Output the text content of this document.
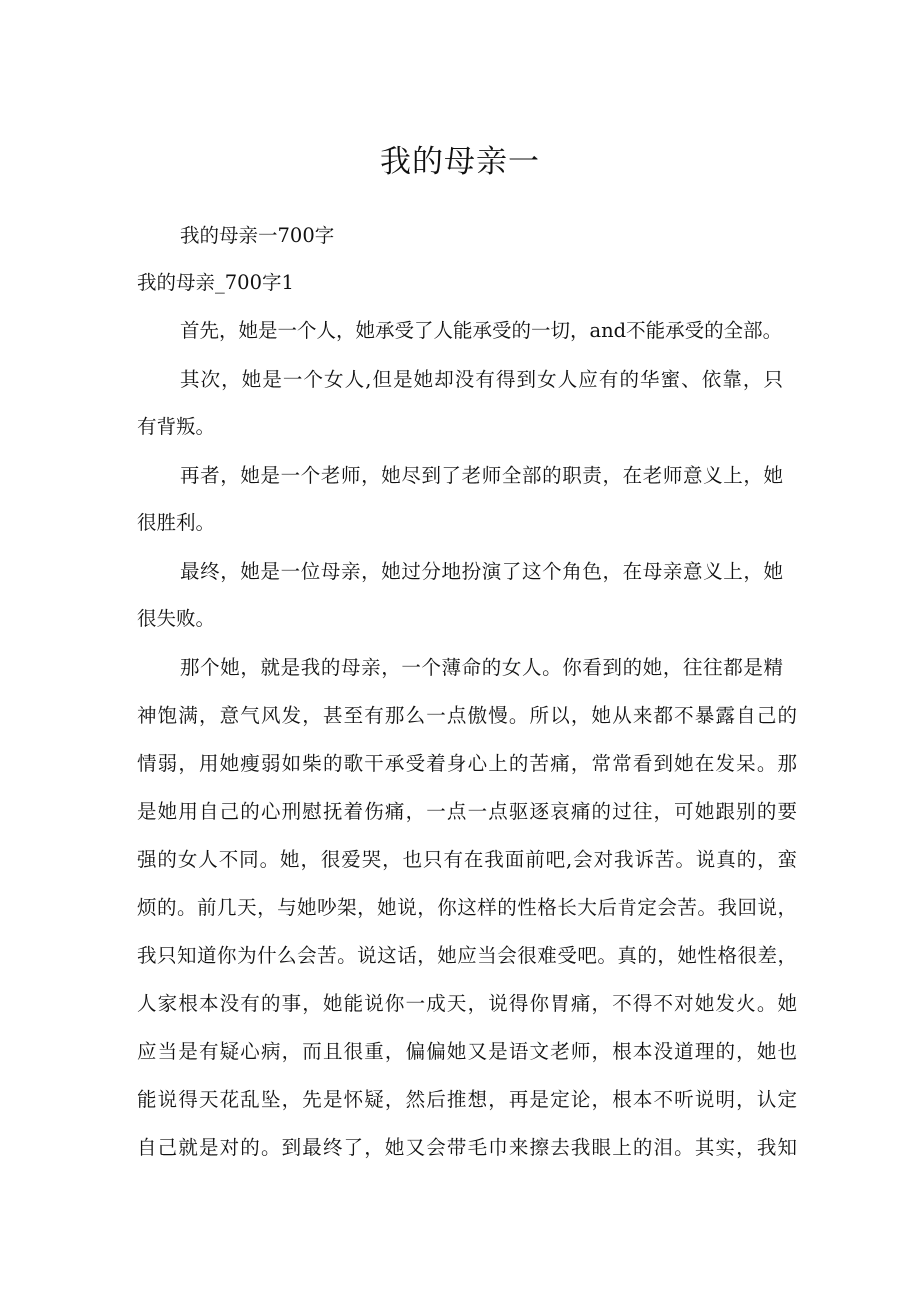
我的母亲一

我的母亲一700字

我的母亲_700字1

首先，她是一个人，她承受了人能承受的一切，and不能承受的全部。

其次，她是一个女人,但是她却没有得到女人应有的华蜜、依靠，只

有背叛。

再者，她是一个老师，她尽到了老师全部的职责，在老师意义上，她

很胜利。

最终，她是一位母亲，她过分地扮演了这个角色，在母亲意义上，她

很失败。

那个她，就是我的母亲，一个薄命的女人。你看到的她，往往都是精

神饱满，意气风发，甚至有那么一点傲慢。所以，她从来都不暴露自己的

情弱，用她瘦弱如柴的歌干承受着身心上的苦痛，常常看到她在发呆。那

是她用自己的心刑慰抚着伤痛，一点一点驱逐哀痛的过往，可她跟别的要

强的女人不同。她，很爱哭，也只有在我面前吧,会对我诉苦。说真的，蛮

烦的。前几天，与她吵架，她说，你这样的性格长大后肯定会苦。我回说，

我只知道你为什么会苦。说这话，她应当会很难受吧。真的，她性格很差，

人家根本没有的事，她能说你一成天，说得你胃痛，不得不对她发火。她

应当是有疑心病，而且很重，偏偏她又是语文老师，根本没道理的，她也

能说得天花乱坠，先是怀疑，然后推想，再是定论，根本不听说明，认定

自己就是对的。到最终了，她又会带毛巾来擦去我眼上的泪。其实，我知
